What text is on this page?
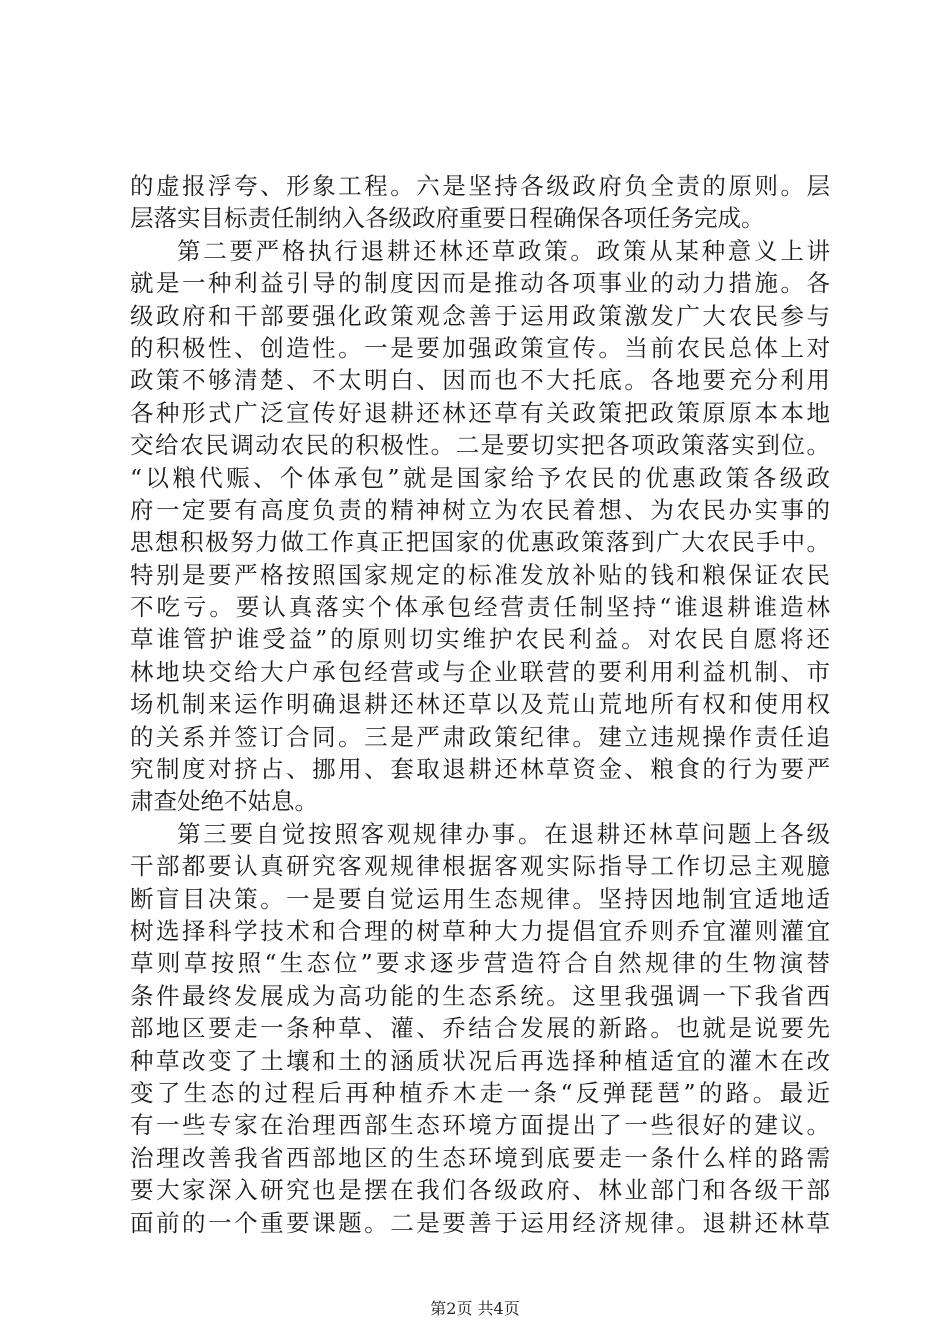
的虚报浮夸、形象工程。六是坚持各级政府负全责的原则。层
层落实目标责任制纳入各级政府重要日程确保各项任务完成。
第二要严格执行退耕还林还草政策。政策从某种意义上讲
就是一种利益引导的制度因而是推动各项事业的动力措施。各
级政府和干部要强化政策观念善于运用政策激发广大农民参与
的积极性、创造性。一是要加强政策宣传。当前农民总体上对
政策不够清楚、不太明白、因而也不大托底。各地要充分利用
各种形式广泛宣传好退耕还林还草有关政策把政策原原本本地
交给农民调动农民的积极性。二是要切实把各项政策落实到位。
“以粮代赈、个体承包”就是国家给予农民的优惠政策各级政
府一定要有高度负责的精神树立为农民着想、为农民办实事的
思想积极努力做工作真正把国家的优惠政策落到广大农民手中。
特别是要严格按照国家规定的标准发放补贴的钱和粮保证农民
不吃亏。要认真落实个体承包经营责任制坚持“谁退耕谁造林
草谁管护谁受益”的原则切实维护农民利益。对农民自愿将还
林地块交给大户承包经营或与企业联营的要利用利益机制、市
场机制来运作明确退耕还林还草以及荒山荒地所有权和使用权
的关系并签订合同。三是严肃政策纪律。建立违规操作责任追
究制度对挤占、挪用、套取退耕还林草资金、粮食的行为要严
肃查处绝不姑息。
第三要自觉按照客观规律办事。在退耕还林草问题上各级
干部都要认真研究客观规律根据客观实际指导工作切忌主观臆
断盲目决策。一是要自觉运用生态规律。坚持因地制宜适地适
树选择科学技术和合理的树草种大力提倡宜乔则乔宜灌则灌宜
草则草按照“生态位”要求逐步营造符合自然规律的生物演替
条件最终发展成为高功能的生态系统。这里我强调一下我省西
部地区要走一条种草、灌、乔结合发展的新路。也就是说要先
种草改变了土壤和土的涵质状况后再选择种植适宜的灌木在改
变了生态的过程后再种植乔木走一条“反弹琵琶”的路。最近
有一些专家在治理西部生态环境方面提出了一些很好的建议。
治理改善我省西部地区的生态环境到底要走一条什么样的路需
要大家深入研究也是摆在我们各级政府、林业部门和各级干部
面前的一个重要课题。二是要善于运用经济规律。退耕还林草
第2页 共4页
